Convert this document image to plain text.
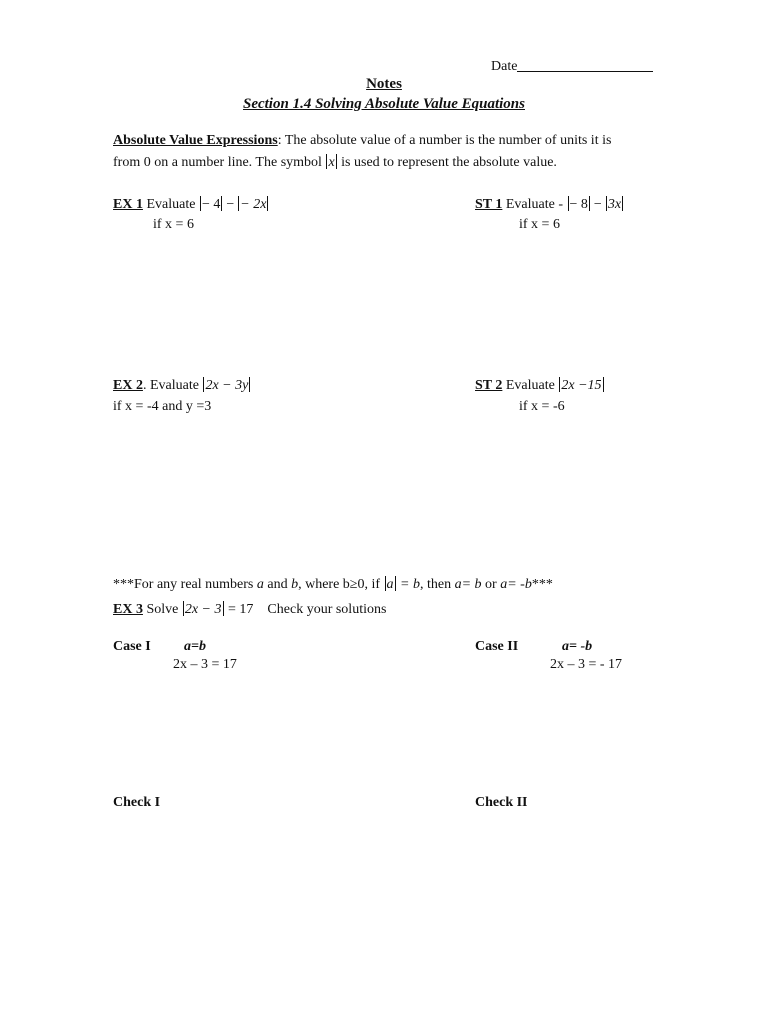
Date
Notes
Section 1.4 Solving Absolute Value Equations
Absolute Value Expressions: The absolute value of a number is the number of units it is
from 0 on a number line. The symbol x is used to represent the absolute value.
EX 1 Evaluate − 4 − − 2x
if x = 6
ST 1 Evaluate - − 8 − 3x
if x = 6
EX 2. Evaluate 2x − 3y
if x = -4 and y =3
ST 2 Evaluate 2x −15
if x = -6
***For any real numbers a and b, where b≥0, if a = b, then a= b or a= -b***
EX 3 Solve 2x − 3 = 17 Check your solutions
Case I a=b
2x – 3 = 17
Case II	a= -b
2x – 3 = - 17
Check I	Check II
